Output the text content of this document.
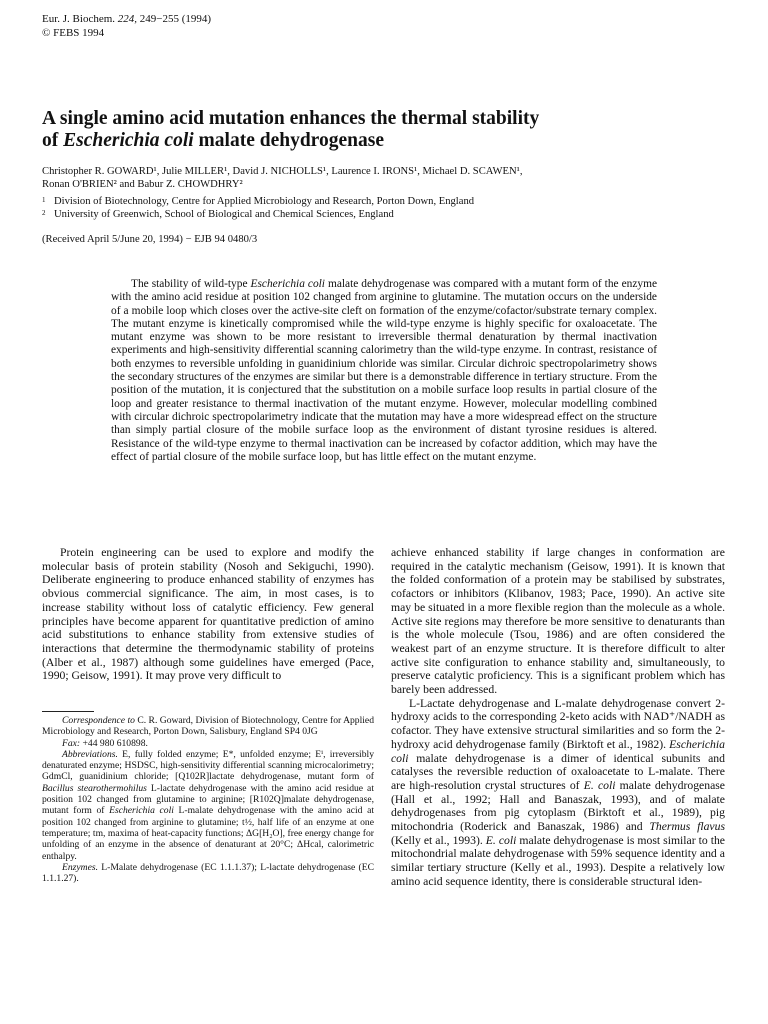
Eur. J. Biochem. 224, 249−255 (1994)
© FEBS 1994
A single amino acid mutation enhances the thermal stability
of Escherichia coli malate dehydrogenase
Christopher R. GOWARD¹, Julie MILLER¹, David J. NICHOLLS¹, Laurence I. IRONS¹, Michael D. SCAWEN¹,
Ronan O'BRIEN² and Babur Z. CHOWDHRY²
1 Division of Biotechnology, Centre for Applied Microbiology and Research, Porton Down, England
2 University of Greenwich, School of Biological and Chemical Sciences, England
(Received April 5/June 20, 1994) − EJB 94 0480/3
The stability of wild-type Escherichia coli malate dehydrogenase was compared with a mutant form of the enzyme with the amino acid residue at position 102 changed from arginine to glutamine. The mutation occurs on the underside of a mobile loop which closes over the active-site cleft on formation of the enzyme/cofactor/substrate ternary complex. The mutant enzyme is kinetically compromised while the wild-type enzyme is highly specific for oxaloacetate. The mutant enzyme was shown to be more resistant to irreversible thermal denaturation by thermal inactivation experiments and high-sensitivity differential scanning calorimetry than the wild-type enzyme. In contrast, resistance of both enzymes to reversible unfolding in guanidinium chloride was similar. Circular dichroic spectropolarimetry shows the secondary structures of the enzymes are similar but there is a demonstrable difference in tertiary structure. From the position of the mutation, it is conjectured that the substitution on a mobile surface loop results in partial closure of the loop and greater resistance to thermal inactivation of the mutant enzyme. However, molecular modelling combined with circular dichroic spectropolarimetry indicate that the mutation may have a more widespread effect on the structure than simply partial closure of the mobile surface loop as the environment of distant tyrosine residues is altered. Resistance of the wild-type enzyme to thermal inactivation can be increased by cofactor addition, which may have the effect of partial closure of the mobile surface loop, but has little effect on the mutant enzyme.

Protein engineering can be used to explore and modify the molecular basis of protein stability (Nosoh and Sekiguchi, 1990). Deliberate engineering to produce enhanced stability of enzymes has obvious commercial significance. The aim, in most cases, is to increase stability without loss of catalytic efficiency. Few general principles have become apparent for quantitative prediction of amino acid substitutions to enhance stability from extensive studies of interactions that determine the thermodynamic stability of proteins (Alber et al., 1987) although some guidelines have emerged (Pace, 1990; Geisow, 1991). It may prove very difficult to

Correspondence to C. R. Goward, Division of Biotechnology, Centre for Applied Microbiology and Research, Porton Down, Salisbury, England SP4 0JG

Fax: +44 980 610898.

Abbreviations. E, fully folded enzyme; E*, unfolded enzyme; Eⁱ, irreversibly denaturated enzyme; HSDSC, high-sensitivity differential scanning microcalorimetry; GdmCl, guanidinium chloride; [Q102R]lactate dehydrogenase, mutant form of Bacillus stearothermohilus L-lactate dehydrogenase with the amino acid residue at position 102 changed from glutamine to arginine; [R102Q]malate dehydrogenase, mutant form of Escherichia coli L-malate dehydrogenase with the amino acid at position 102 changed from arginine to glutamine; t½, half life of an enzyme at one temperature; tm, maxima of heat-capacity functions; ΔG[H₂O], free energy change for unfolding of an enzyme in the absence of denaturant at 20°C; ΔHcal, calorimetric enthalpy.

Enzymes. L-Malate dehydrogenase (EC 1.1.1.37); L-lactate dehydrogenase (EC 1.1.1.27).

achieve enhanced stability if large changes in conformation are required in the catalytic mechanism (Geisow, 1991). It is known that the folded conformation of a protein may be stabilised by substrates, cofactors or inhibitors (Klibanov, 1983; Pace, 1990). An active site may be situated in a more flexible region than the molecule as a whole. Active site regions may therefore be more sensitive to denaturants than is the whole molecule (Tsou, 1986) and are often considered the weakest part of an enzyme structure. It is therefore difficult to alter active site configuration to enhance stability and, simultaneously, to preserve catalytic proficiency. This is a significant problem which has barely been addressed.

L-Lactate dehydrogenase and L-malate dehydrogenase convert 2-hydroxy acids to the corresponding 2-keto acids with NAD⁺/NADH as cofactor. They have extensive structural similarities and so form the 2-hydroxy acid dehydrogenase family (Birktoft et al., 1982). Escherichia coli malate dehydrogenase is a dimer of identical subunits and catalyses the reversible reduction of oxaloacetate to L-malate. There are high-resolution crystal structures of E. coli malate dehydrogenase (Hall et al., 1992; Hall and Banaszak, 1993), and of malate dehydrogenases from pig cytoplasm (Birktoft et al., 1989), pig mitochondria (Roderick and Banaszak, 1986) and Thermus flavus (Kelly et al., 1993). E. coli malate dehydrogenase is most similar to the mitochondrial malate dehydrogenase with 59% sequence identity and a similar tertiary structure (Kelly et al., 1993). Despite a relatively low amino acid sequence identity, there is considerable structural iden-
